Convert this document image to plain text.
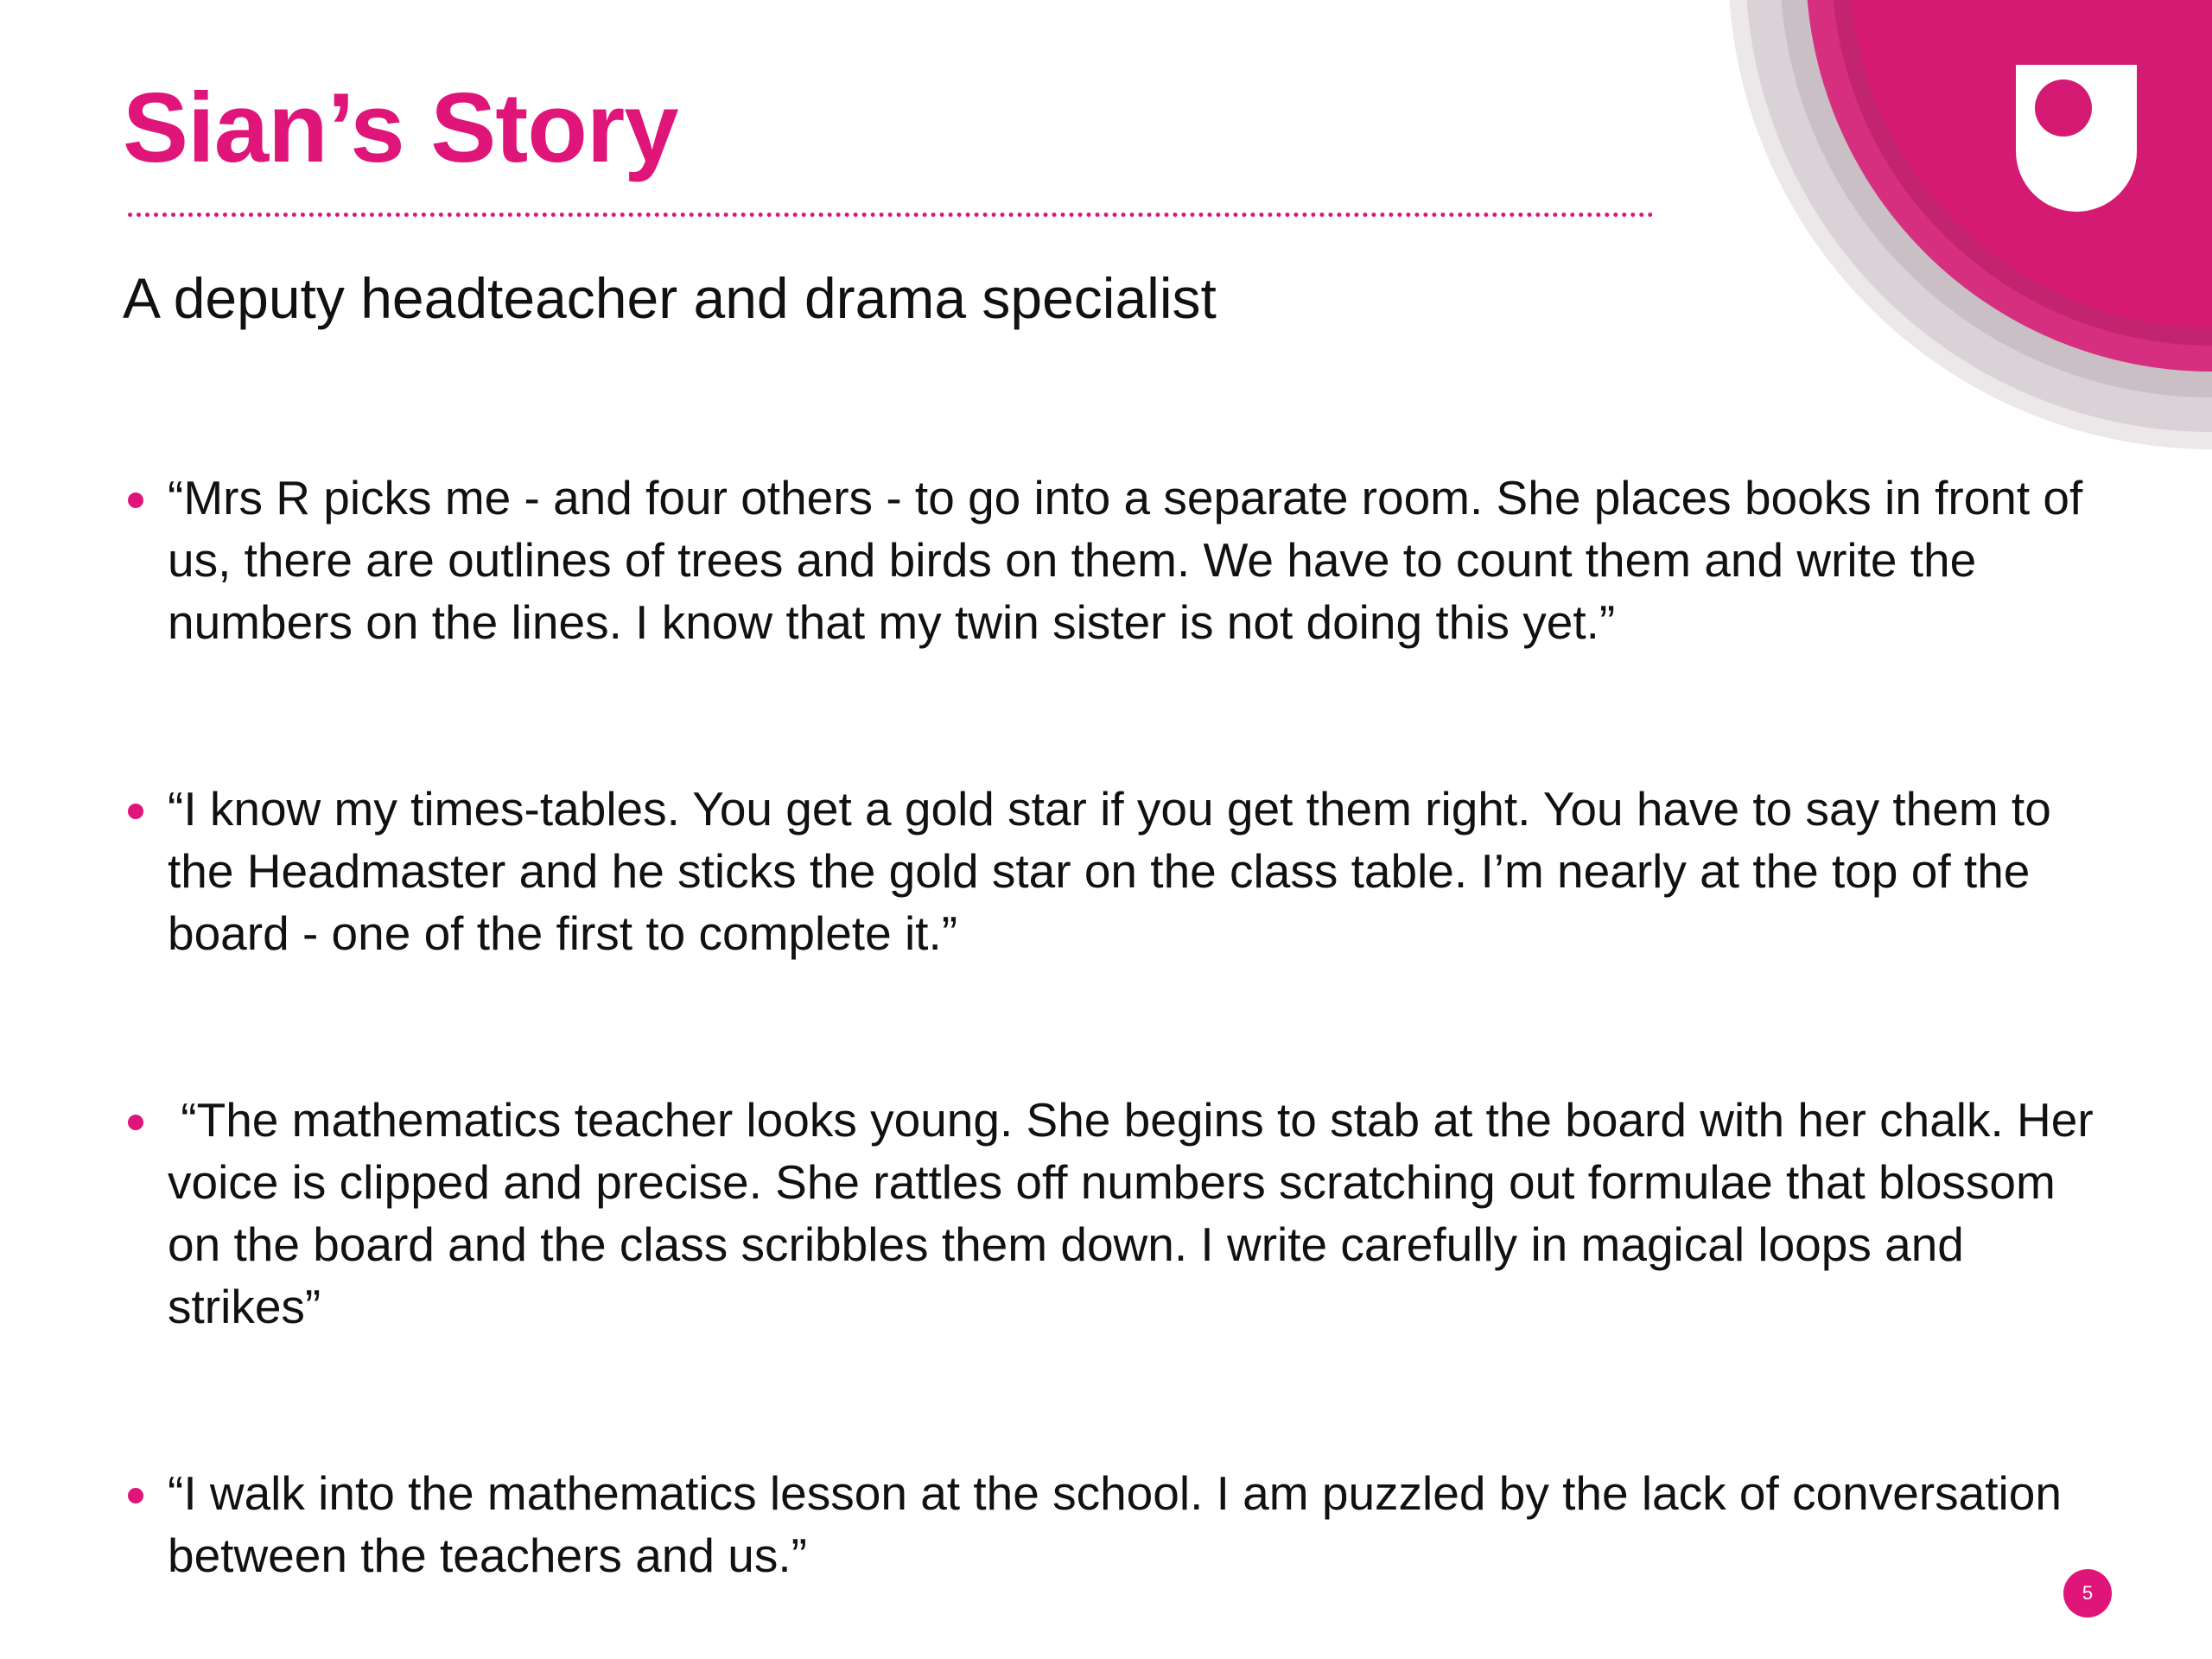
Sian’s Story
A deputy headteacher and drama specialist
“Mrs R picks me - and four others - to go into a separate room. She places books in front of us, there are outlines of trees and birds on them. We have to count them and write the numbers on the lines. I know that my twin sister is not doing this yet.”
“I know my times-tables. You get a gold star if you get them right. You have to say them to the Headmaster and he sticks the gold star on the class table. I’m nearly at the top of the board - one of the first to complete it.”
“The mathematics teacher looks young. She begins to stab at the board with her chalk. Her voice is clipped and precise. She rattles off numbers scratching out formulae that blossom on the board and the class scribbles them down. I write carefully in magical loops and strikes”
“I walk into the mathematics lesson at the school. I am puzzled by the lack of conversation between the teachers and us.”
5
